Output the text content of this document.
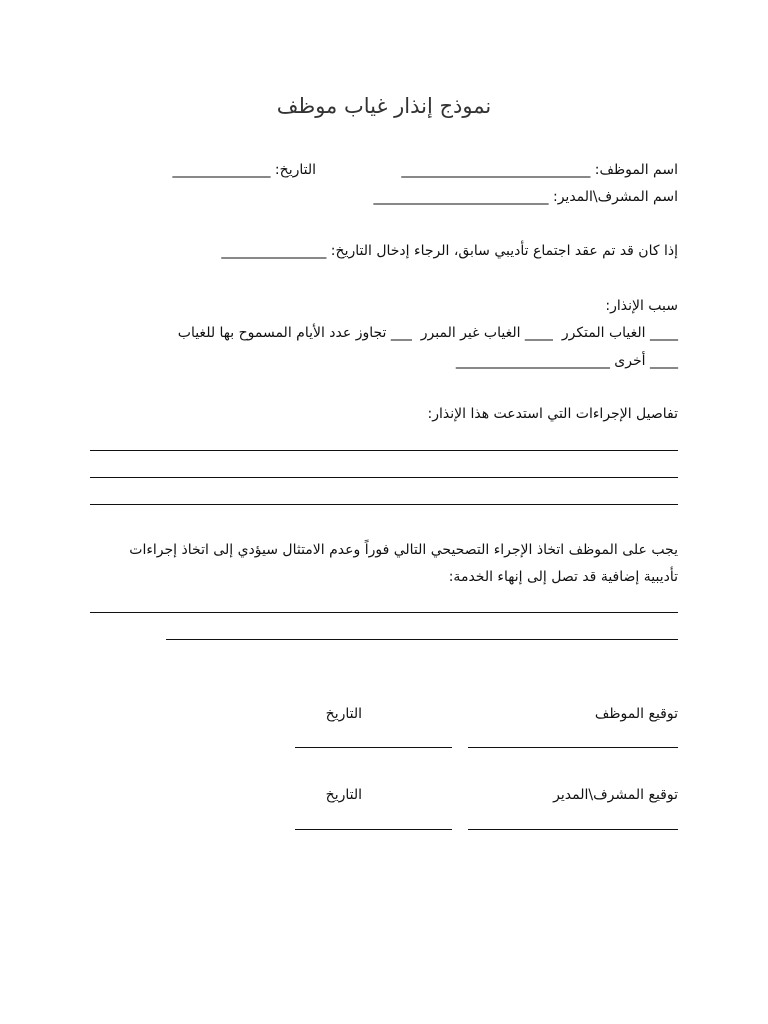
نموذج إنذار غياب موظف
اسم الموظف: ___________________________
التاريخ: ______________
اسم المشرف\المدير: _________________________
إذا كان قد تم عقد اجتماع تأديبي سابق، الرجاء إدخال التاريخ: _______________
سبب الإنذار:
____ الغياب المتكرر  ____ الغياب غير المبرر  ___ تجاوز عدد الأيام المسموح بها للغياب
____ أخرى ______________________
تفاصيل الإجراءات التي استدعت هذا الإنذار:
يجب على الموظف اتخاذ الإجراء التصحيحي التالي فوراً وعدم الامتثال سيؤدي إلى اتخاذ إجراءات
تأديبية إضافية قد تصل إلى إنهاء الخدمة:
توقيع الموظف
التاريخ
توقيع المشرف\المدير
التاريخ
